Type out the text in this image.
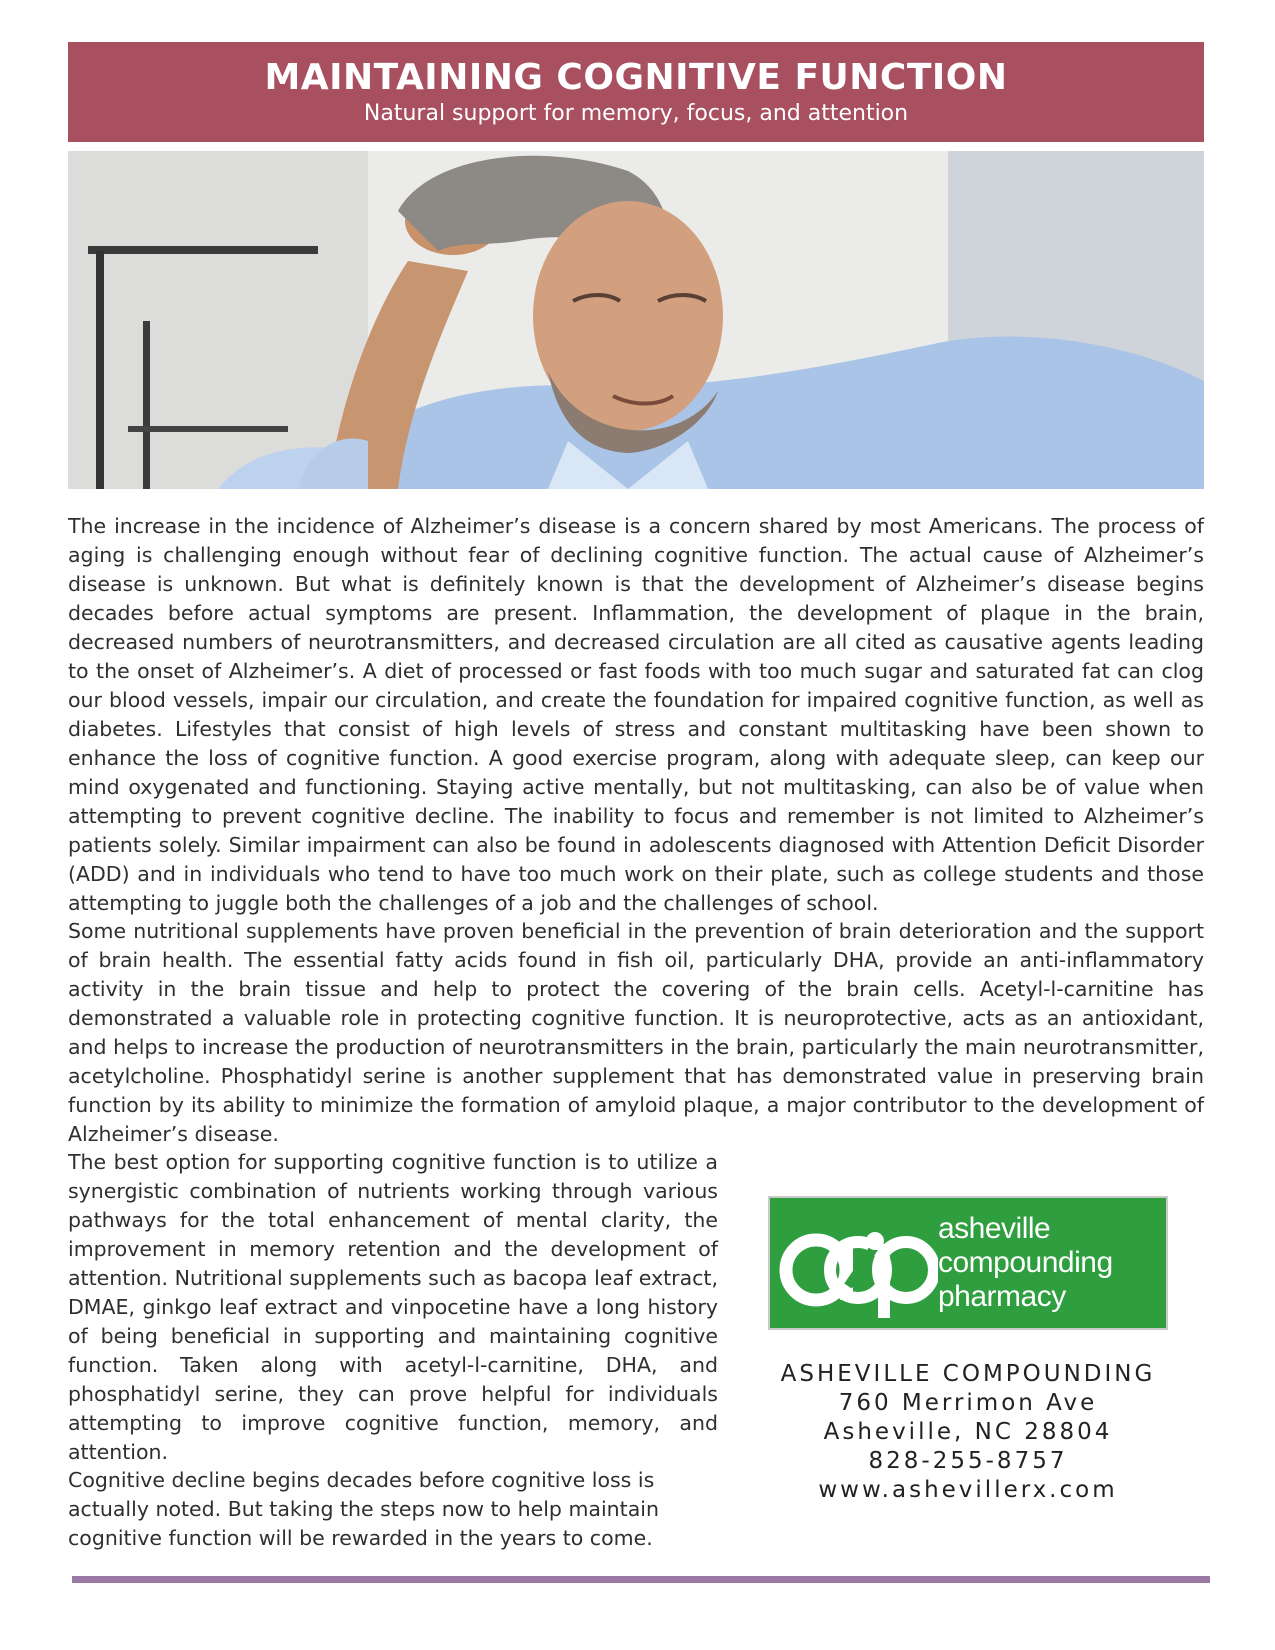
MAINTAINING COGNITIVE FUNCTION
Natural support for memory, focus, and attention

The increase in the incidence of Alzheimer’s disease is a concern shared by most Americans. The process of aging is challenging enough without fear of declining cognitive function. The actual cause of Alzheimer’s disease is unknown. But what is definitely known is that the development of Alzheimer’s disease begins decades before actual symptoms are present. Inflammation, the development of plaque in the brain, decreased numbers of neurotransmitters, and decreased circulation are all cited as causative agents leading to the onset of Alzheimer’s. A diet of processed or fast foods with too much sugar and saturated fat can clog our blood vessels, impair our circulation, and create the foundation for impaired cognitive function, as well as diabetes. Lifestyles that consist of high levels of stress and constant multitasking have been shown to enhance the loss of cognitive function. A good exercise program, along with adequate sleep, can keep our mind oxygenated and functioning. Staying active mentally, but not multitasking, can also be of value when attempting to prevent cognitive decline. The inability to focus and remember is not limited to Alzheimer’s patients solely. Similar impairment can also be found in adolescents diagnosed with Attention Deficit Disorder (ADD) and in individuals who tend to have too much work on their plate, such as college students and those attempting to juggle both the challenges of a job and the challenges of school.

Some nutritional supplements have proven beneficial in the prevention of brain deterioration and the support of brain health. The essential fatty acids found in fish oil, particularly DHA, provide an anti-inflammatory activity in the brain tissue and help to protect the covering of the brain cells. Acetyl-l-carnitine has demonstrated a valuable role in protecting cognitive function. It is neuroprotective, acts as an antioxidant, and helps to increase the production of neurotransmitters in the brain, particularly the main neurotransmitter, acetylcholine. Phosphatidyl serine is another supplement that has demonstrated value in preserving brain function by its ability to minimize the formation of amyloid plaque, a major contributor to the development of Alzheimer’s disease.

The best option for supporting cognitive function is to utilize a synergistic combination of nutrients working through various pathways for the total enhancement of mental clarity, the improvement in memory retention and the development of attention. Nutritional supplements such as bacopa leaf extract, DMAE, ginkgo leaf extract and vinpocetine have a long history of being beneficial in supporting and maintaining cognitive function. Taken along with acetyl-l-carnitine, DHA, and phosphatidyl serine, they can prove helpful for individuals attempting to improve cognitive function, memory, and attention.

Cognitive decline begins decades before cognitive loss is actually noted. But taking the steps now to help maintain cognitive function will be rewarded in the years to come.

asheville
compounding
pharmacy
ASHEVILLE COMPOUNDING
760 Merrimon Ave
Asheville, NC 28804
828-255-8757
www.ashevillerx.com
